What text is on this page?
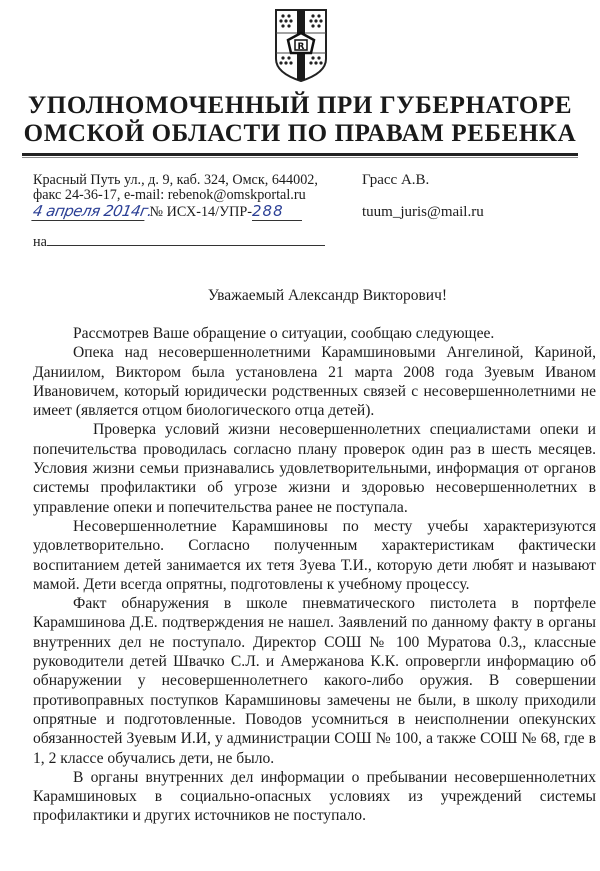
R
УПОЛНОМОЧЕННЫЙ ПРИ ГУБЕРНАТОРЕ
ОМСКОЙ ОБЛАСТИ ПО ПРАВАМ РЕБЕНКА
Красный Путь ул., д. 9, каб. 324, Омск, 644002,
факс 24-36-17, e-mail: rebenok@omskportal.ru
4 апреля 2014г. № ИСХ-14/УПР-288
на
Грасс А.В.
tuum_juris@mail.ru
Уважаемый Александр Викторович!

Рассмотрев Ваше обращение о ситуации, сообщаю следующее.

Опека над несовершеннолетними Карамшиновыми Ангелиной, Кариной, Даниилом, Виктором была установлена 21 марта 2008 года Зуевым Иваном Ивановичем, который юридически родственных связей с несовершеннолетними не имеет (является отцом биологического отца детей).

Проверка условий жизни несовершеннолетних специалистами опеки и попечительства проводилась согласно плану проверок один раз в шесть месяцев. Условия жизни семьи признавались удовлетворительными, информация от органов системы профилактики об угрозе жизни и здоровью несовершеннолетних в управление опеки и попечительства ранее не поступала.

Несовершеннолетние Карамшиновы по месту учебы характеризуются удовлетворительно. Согласно полученным характеристикам фактически воспитанием детей занимается их тетя Зуева Т.И., которую дети любят и называют мамой. Дети всегда опрятны, подготовлены к учебному процессу.

Факт обнаружения в школе пневматического пистолета в портфеле Карамшинова Д.Е. подтверждения не нашел. Заявлений по данному факту в органы внутренних дел не поступало. Директор СОШ № 100 Муратова 0.3,, классные руководители детей Швачко С.Л. и Амержанова К.К. опровергли информацию об обнаружении у несовершеннолетнего какого-либо оружия. В совершении противоправных поступков Карамшиновы замечены не были, в школу приходили опрятные и подготовленные. Поводов усомниться в неисполнении опекунских обязанностей Зуевым И.И, у администрации СОШ № 100, а также СОШ № 68, где в 1, 2 классе обучались дети, не было.

В органы внутренних дел информации о пребывании несовершеннолетних Карамшиновых в социально-опасных условиях из учреждений системы профилактики и других источников не поступало.
